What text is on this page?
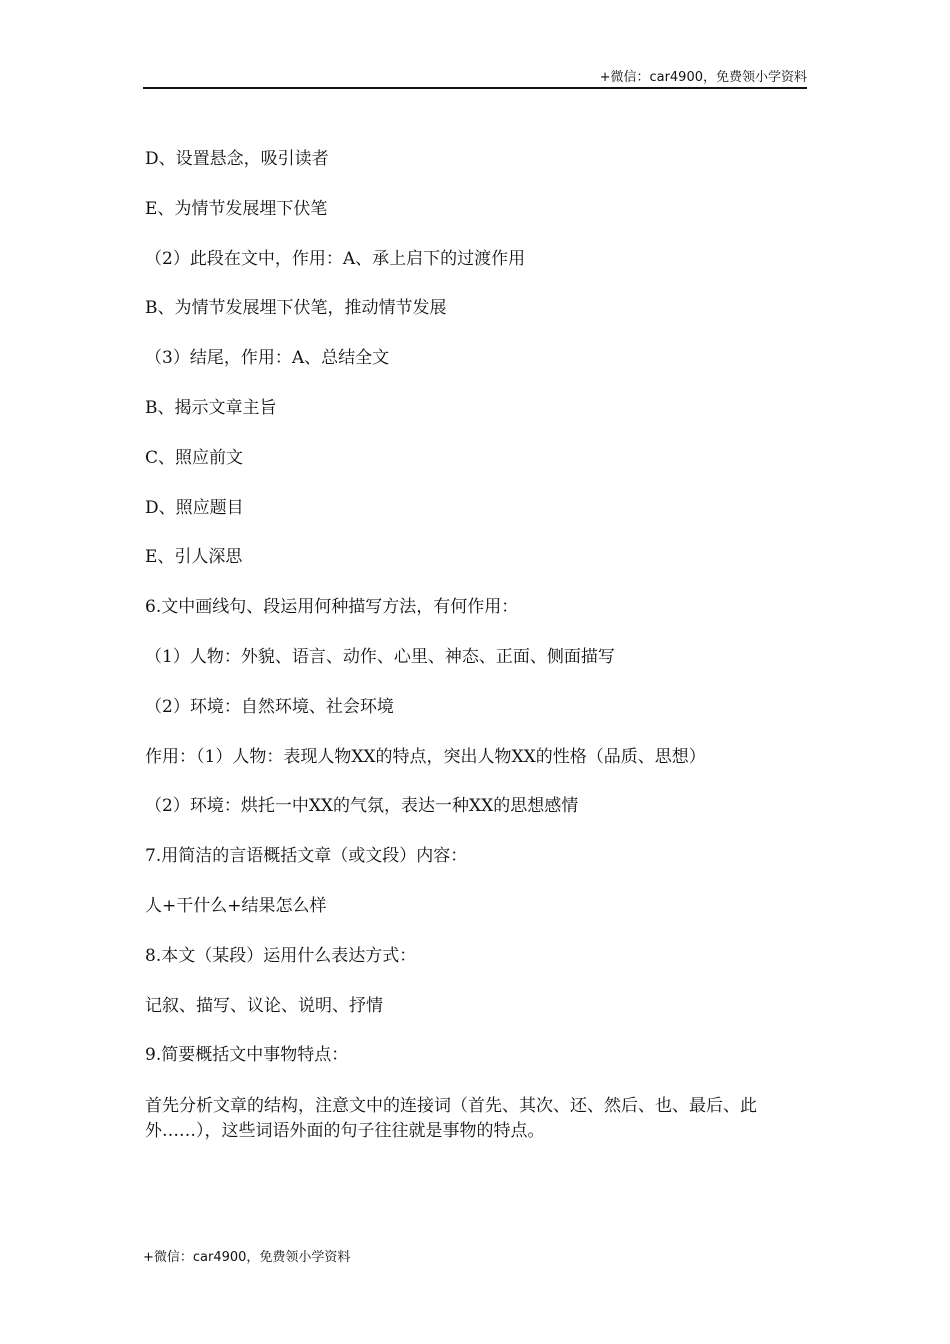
+微信：car4900，免费领小学资料
D、设置悬念，吸引读者
E、为情节发展埋下伏笔
（2）此段在文中，作用：A、承上启下的过渡作用
B、为情节发展埋下伏笔，推动情节发展
（3）结尾，作用：A、总结全文
B、揭示文章主旨
C、照应前文
D、照应题目
E、引人深思
6.文中画线句、段运用何种描写方法，有何作用：
（1）人物：外貌、语言、动作、心里、神态、正面、侧面描写
（2）环境：自然环境、社会环境
作用：（1）人物：表现人物XX的特点，突出人物XX的性格（品质、思想）
（2）环境：烘托一中XX的气氛，表达一种XX的思想感情
7.用简洁的言语概括文章（或文段）内容：
人+干什么+结果怎么样
8.本文（某段）运用什么表达方式：
记叙、描写、议论、说明、抒情
9.简要概括文中事物特点：
首先分析文章的结构，注意文中的连接词（首先、其次、还、然后、也、最后、此外……），这些词语外面的句子往往就是事物的特点。
+微信：car4900，免费领小学资料
